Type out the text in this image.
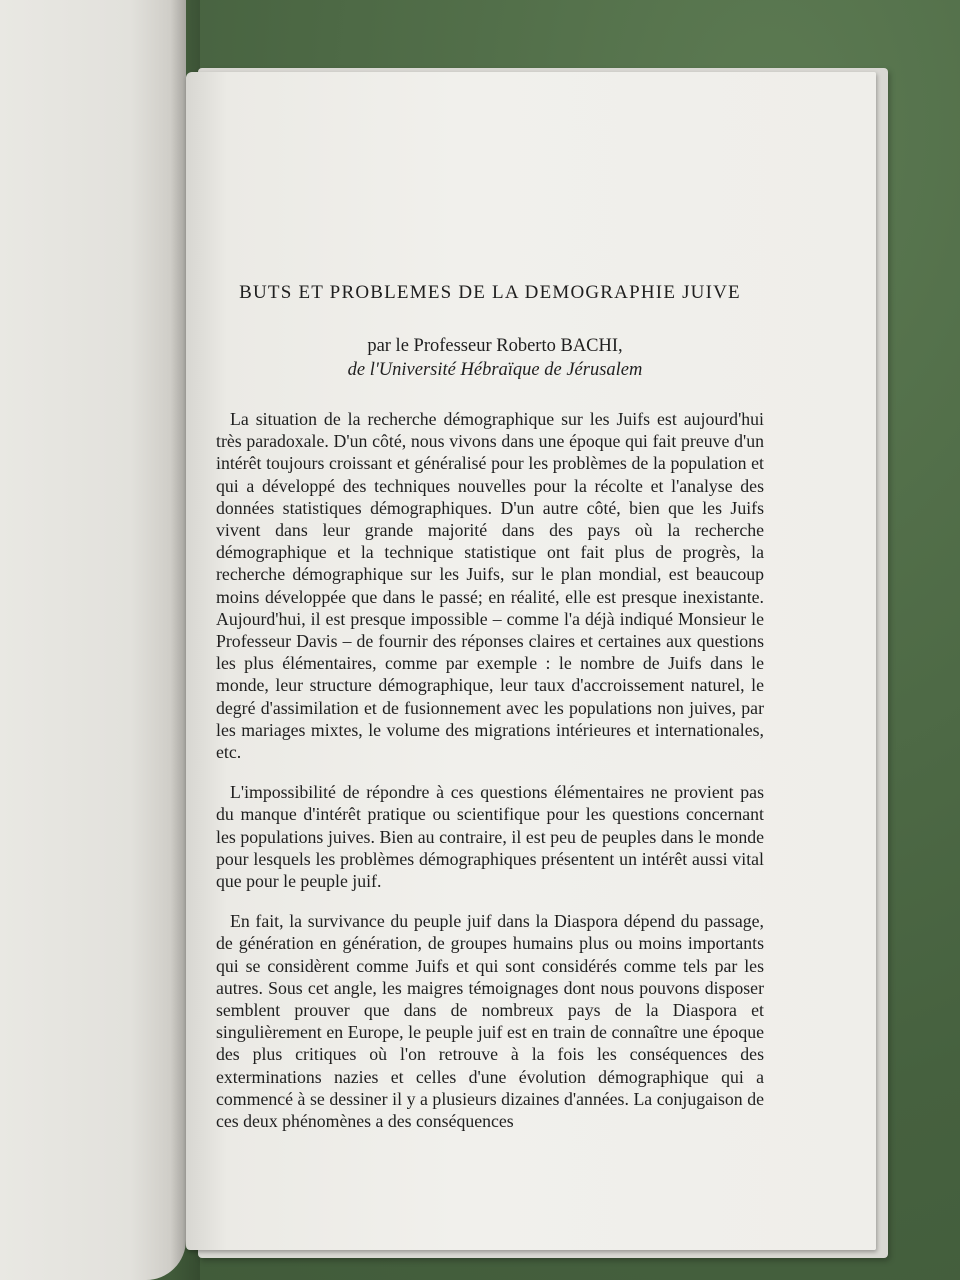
BUTS ET PROBLEMES DE LA DEMOGRAPHIE JUIVE
par le Professeur Roberto BACHI,
de l'Université Hébraïque de Jérusalem

La situation de la recherche démographique sur les Juifs est aujourd'hui très paradoxale. D'un côté, nous vivons dans une époque qui fait preuve d'un intérêt toujours croissant et généralisé pour les problèmes de la population et qui a développé des techniques nouvelles pour la récolte et l'analyse des données statistiques démographiques. D'un autre côté, bien que les Juifs vivent dans leur grande majorité dans des pays où la recherche démographique et la technique statistique ont fait plus de progrès, la recherche démographique sur les Juifs, sur le plan mondial, est beaucoup moins développée que dans le passé; en réalité, elle est presque inexistante. Aujourd'hui, il est presque impossible – comme l'a déjà indiqué Monsieur le Professeur Davis – de fournir des réponses claires et certaines aux questions les plus élémentaires, comme par exemple : le nombre de Juifs dans le monde, leur structure démographique, leur taux d'accroissement naturel, le degré d'assimilation et de fusionnement avec les populations non juives, par les mariages mixtes, le volume des migrations intérieures et internationales, etc.

L'impossibilité de répondre à ces questions élémentaires ne provient pas du manque d'intérêt pratique ou scientifique pour les questions concernant les populations juives. Bien au contraire, il est peu de peuples dans le monde pour lesquels les problèmes démographiques présentent un intérêt aussi vital que pour le peuple juif.

En fait, la survivance du peuple juif dans la Diaspora dépend du passage, de génération en génération, de groupes humains plus ou moins importants qui se considèrent comme Juifs et qui sont considérés comme tels par les autres. Sous cet angle, les maigres témoignages dont nous pouvons disposer semblent prouver que dans de nombreux pays de la Diaspora et singulièrement en Europe, le peuple juif est en train de connaître une époque des plus critiques où l'on retrouve à la fois les conséquences des exterminations nazies et celles d'une évolution démographique qui a commencé à se dessiner il y a plusieurs dizaines d'années. La conjugaison de ces deux phénomènes a des conséquences
